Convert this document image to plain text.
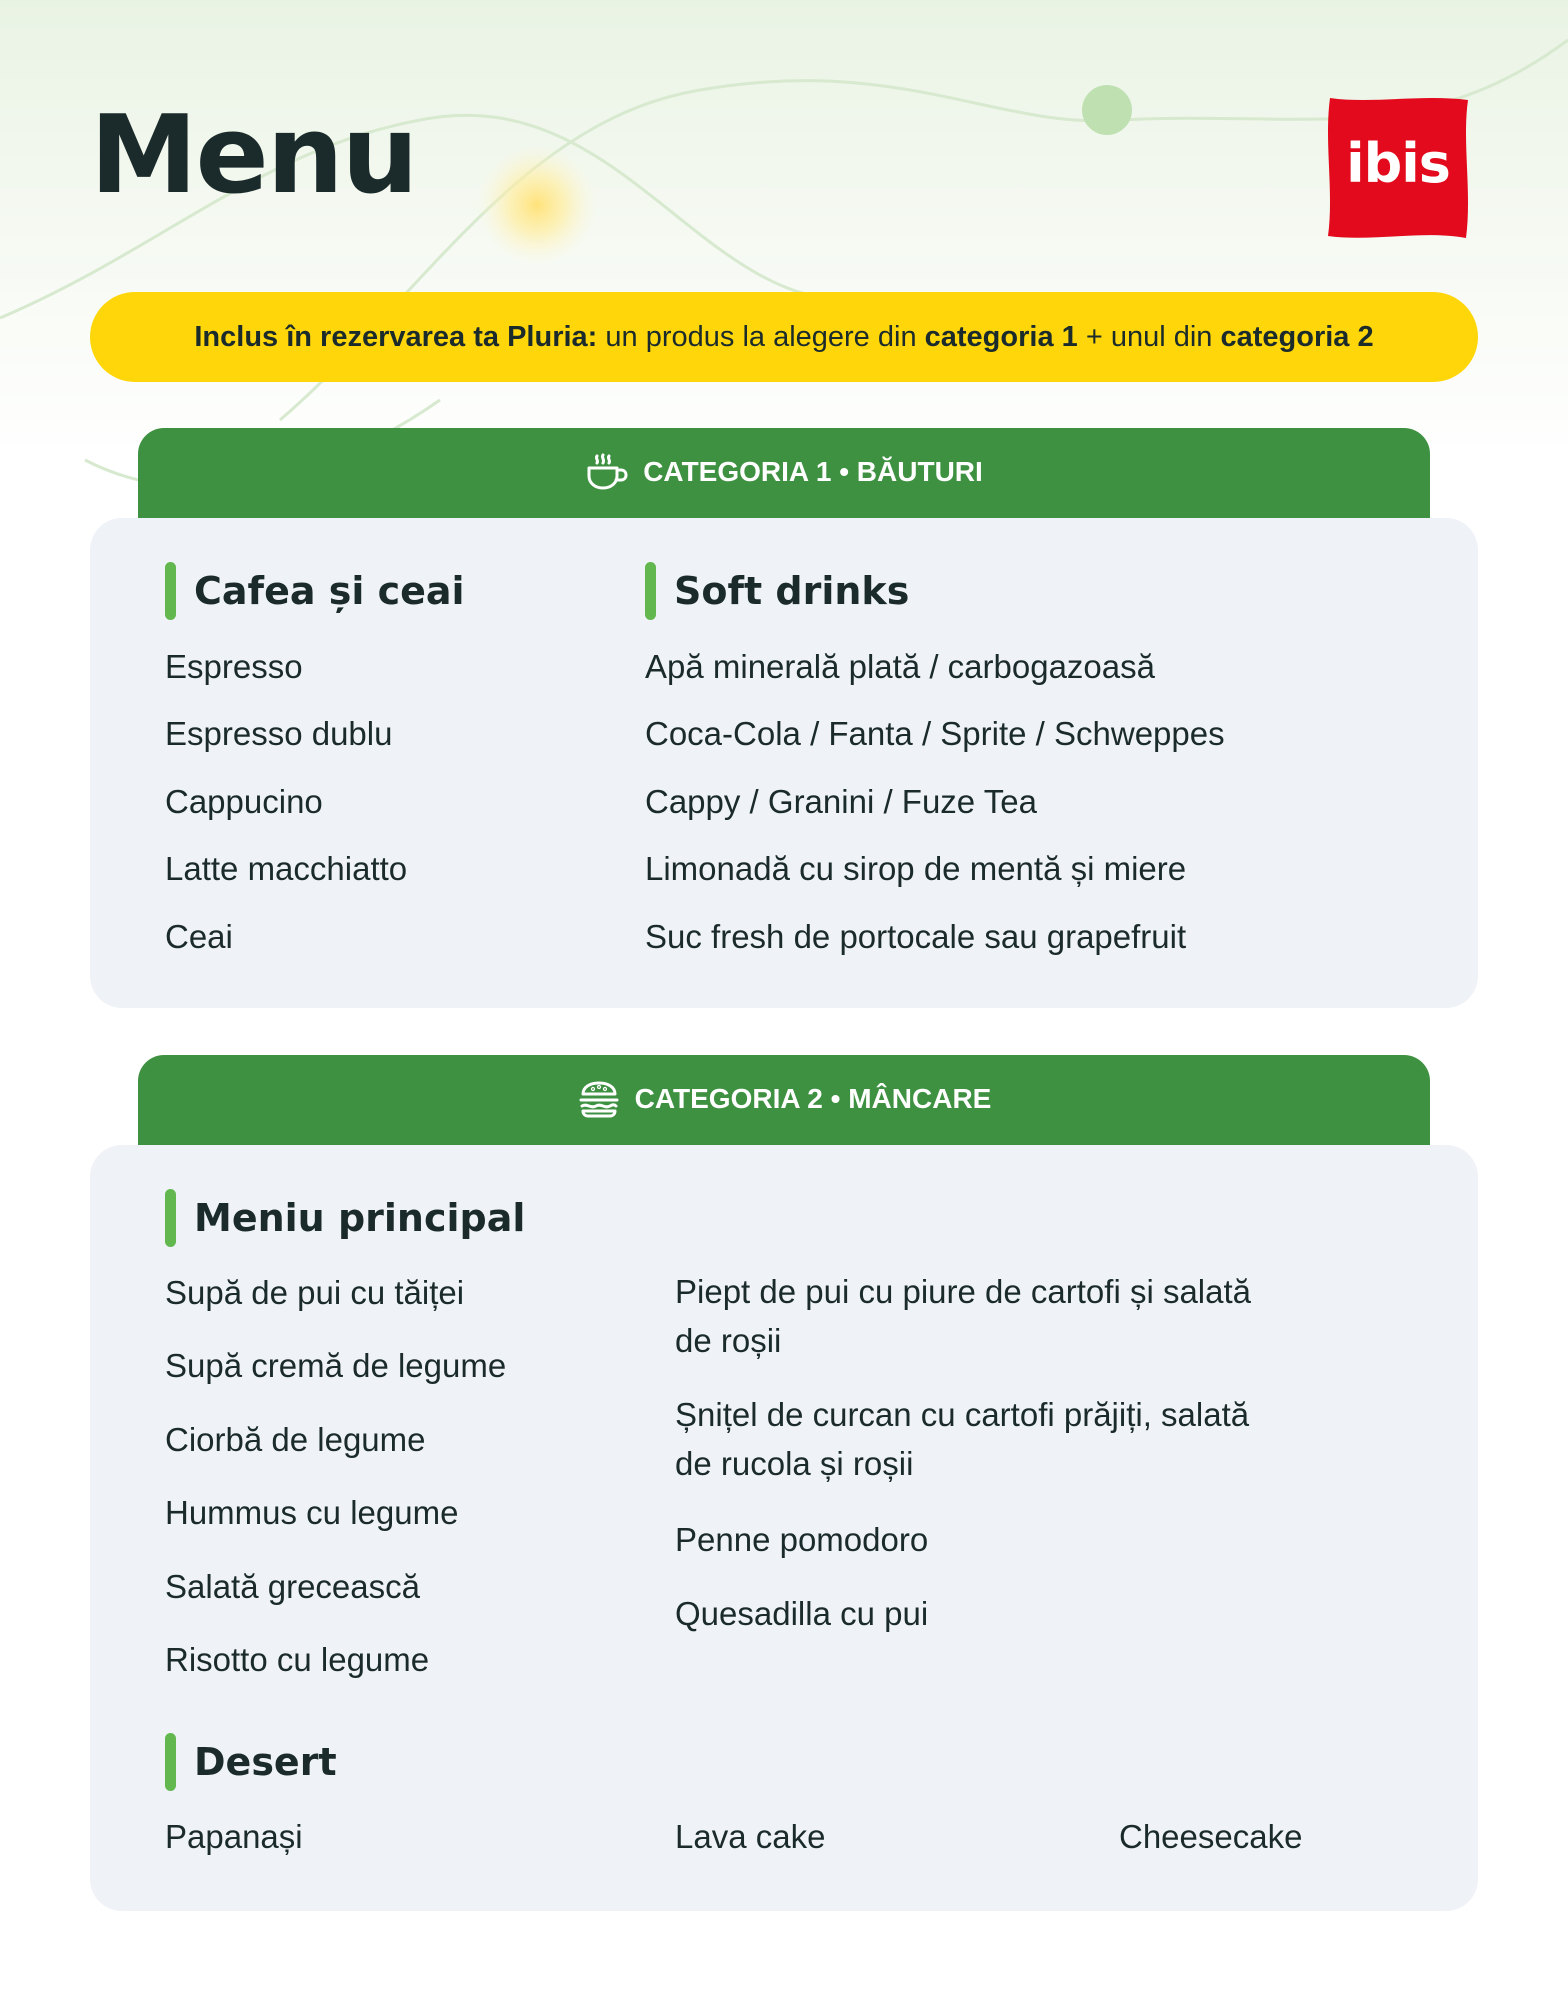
Menu	ibis
Inclus în rezervarea ta Pluria: un produs la alegere din categoria 1 + unul din categoria 2
CATEGORIA 1 • BĂUTURI
Cafea și ceai
Espresso
Espresso dublu
Cappucino
Latte macchiatto
Ceai
Soft drinks
Apă minerală plată / carbogazoasă
Coca-Cola / Fanta / Sprite / Schweppes
Cappy / Granini / Fuze Tea
Limonadă cu sirop de mentă și miere
Suc fresh de portocale sau grapefruit
CATEGORIA 2 • MÂNCARE
Meniu principal
Supă de pui cu tăiței
Supă cremă de legume
Ciorbă de legume
Hummus cu legume
Salată grecească
Risotto cu legume
Piept de pui cu piure de cartofi și salată de roșii
Șnițel de curcan cu cartofi prăjiți, salată de rucola și roșii
Penne pomodoro
Quesadilla cu pui
Desert
Papanași	Lava cake	Cheesecake
